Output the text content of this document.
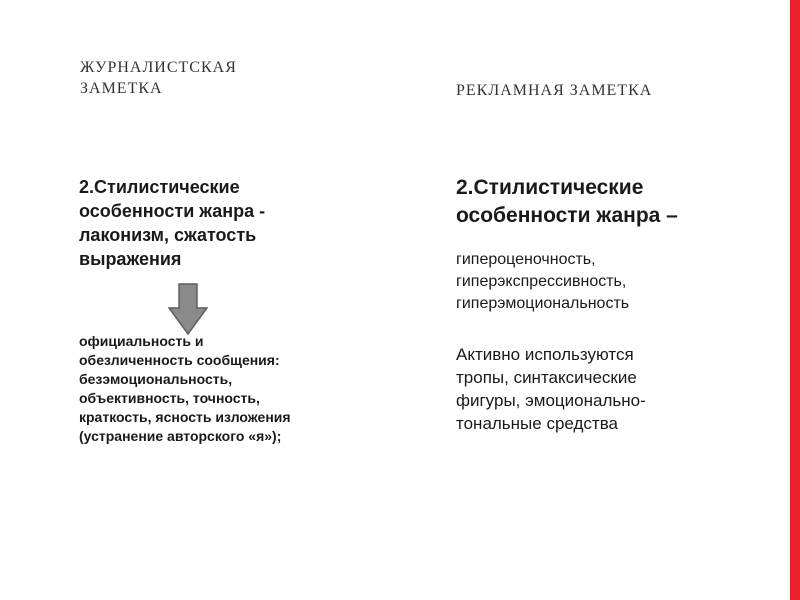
ЖУРНАЛИСТСКАЯ
ЗАМЕТКА	РЕКЛАМНАЯ ЗАМЕТКА
2.Стилистические
особенности жанра -
лаконизм, сжатость
выражения
официальность и
обезличенность сообщения:
безэмоциональность,
объективность, точность,
краткость, ясность изложения
(устранение авторского «я»);
2.Стилистические
особенности жанра –
гипероценочность,
гиперэкспрессивность,
гиперэмоциональность
Активно используются
тропы, синтаксические
фигуры, эмоционально-
тональные средства
